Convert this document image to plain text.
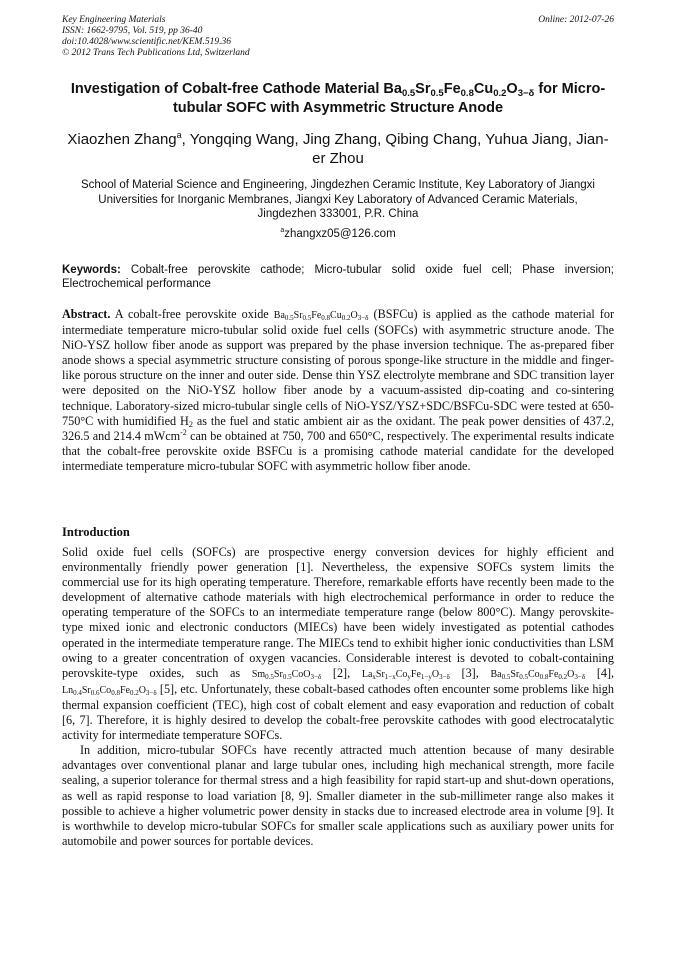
Key Engineering Materials
ISSN: 1662-9795, Vol. 519, pp 36-40
doi:10.4028/www.scientific.net/KEM.519.36
© 2012 Trans Tech Publications Ltd, Switzerland
Online: 2012-07-26
Investigation of Cobalt-free Cathode Material $Ba_{0.5}Sr_{0.5}Fe_{0.8}Cu_{0.2}O_{3-\delta}$ for Micro-tubular SOFC with Asymmetric Structure Anode
Xiaozhen Zhang$^a$, Yongqing Wang, Jing Zhang, Qibing Chang, Yuhua Jiang, Jian-er Zhou
School of Material Science and Engineering, Jingdezhen Ceramic Institute, Key Laboratory of Jiangxi Universities for Inorganic Membranes, Jiangxi Key Laboratory of Advanced Ceramic Materials, Jingdezhen 333001, P.R. China
$^a$zhangxz05@126.com
Keywords: Cobalt-free perovskite cathode; Micro-tubular solid oxide fuel cell; Phase inversion; Electrochemical performance
Abstract. A cobalt-free perovskite oxide $Ba_{0.5}Sr_{0.5}Fe_{0.8}Cu_{0.2}O_{3-\delta}$ (BSFCu) is applied as the cathode material for intermediate temperature micro-tubular solid oxide fuel cells (SOFCs) with asymmetric structure anode. The NiO-YSZ hollow fiber anode as support was prepared by the phase inversion technique. The as-prepared fiber anode shows a special asymmetric structure consisting of porous sponge-like structure in the middle and finger-like porous structure on the inner and outer side. Dense thin YSZ electrolyte membrane and SDC transition layer were deposited on the NiO-YSZ hollow fiber anode by a vacuum-assisted dip-coating and co-sintering technique. Laboratory-sized micro-tubular single cells of NiO-YSZ/YSZ+SDC/BSFCu-SDC were tested at 650-750°C with humidified $H_2$ as the fuel and static ambient air as the oxidant. The peak power densities of 437.2, 326.5 and 214.4 mWcm$^{-2}$ can be obtained at 750, 700 and 650°C, respectively. The experimental results indicate that the cobalt-free perovskite oxide BSFCu is a promising cathode material candidate for the developed intermediate temperature micro-tubular SOFC with asymmetric hollow fiber anode.
Introduction

Solid oxide fuel cells (SOFCs) are prospective energy conversion devices for highly efficient and environmentally friendly power generation [1]. Nevertheless, the expensive SOFCs system limits the commercial use for its high operating temperature. Therefore, remarkable efforts have recently been made to the development of alternative cathode materials with high electrochemical performance in order to reduce the operating temperature of the SOFCs to an intermediate temperature range (below 800°C). Mangy perovskite-type mixed ionic and electronic conductors (MIECs) have been widely investigated as potential cathodes operated in the intermediate temperature range. The MIECs tend to exhibit higher ionic conductivities than LSM owing to a greater concentration of oxygen vacancies. Considerable interest is devoted to cobalt-containing perovskite-type oxides, such as $Sm_{0.5}Sr_{0.5}CoO_{3-\delta}$ [2], $La_xSr_{1-x}Co_yFe_{1-y}O_{3-\delta}$ [3], $Ba_{0.5}Sr_{0.5}Co_{0.8}Fe_{0.2}O_{3-\delta}$ [4], $Ln_{0.4}Sr_{0.6}Co_{0.8}Fe_{0.2}O_{3-\delta}$ [5], etc. Unfortunately, these cobalt-based cathodes often encounter some problems like high thermal expansion coefficient (TEC), high cost of cobalt element and easy evaporation and reduction of cobalt [6, 7]. Therefore, it is highly desired to develop the cobalt-free perovskite cathodes with good electrocatalytic activity for intermediate temperature SOFCs.

In addition, micro-tubular SOFCs have recently attracted much attention because of many desirable advantages over conventional planar and large tubular ones, including high mechanical strength, more facile sealing, a superior tolerance for thermal stress and a high feasibility for rapid start-up and shut-down operations, as well as rapid response to load variation [8, 9]. Smaller diameter in the sub-millimeter range also makes it possible to achieve a higher volumetric power density in stacks due to increased electrode area in volume [9]. It is worthwhile to develop micro-tubular SOFCs for smaller scale applications such as auxiliary power units for automobile and power sources for portable devices.
